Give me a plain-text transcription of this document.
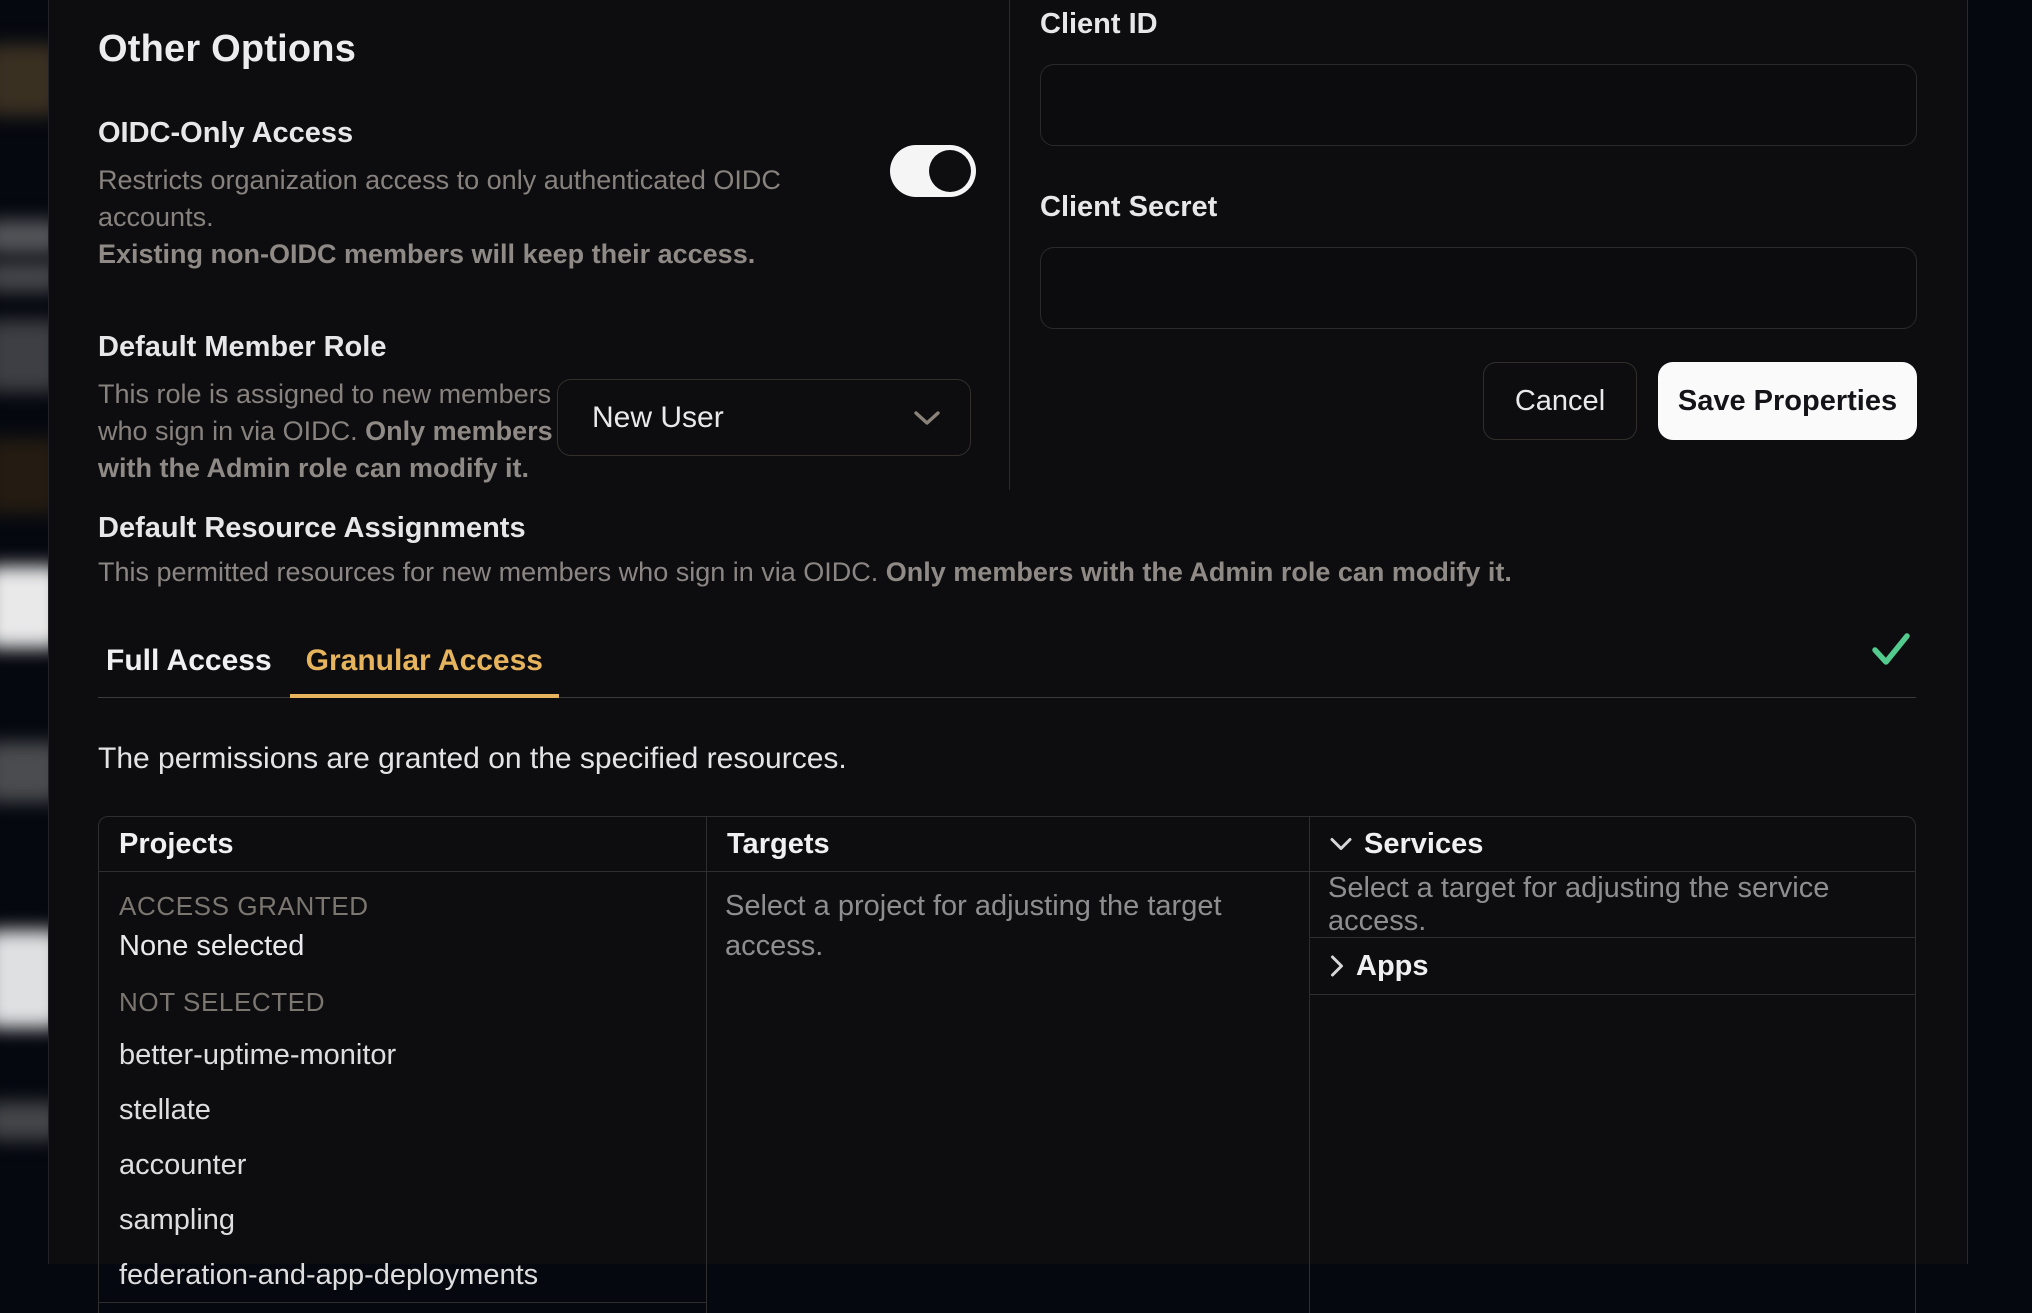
Other Options
OIDC-Only Access
Restricts organization access to only authenticated OIDC accounts.
Existing non-OIDC members will keep their access.
Default Member Role
This role is assigned to new members
who sign in via OIDC. Only members
with the Admin role can modify it.
New User
Client ID
Client Secret
Cancel	Save Properties
Default Resource Assignments
This permitted resources for new members who sign in via OIDC. Only members with the Admin role can modify it.
Full Access	Granular Access
The permissions are granted on the specified resources.
Projects
ACCESS GRANTED
None selected
NOT SELECTED
better-uptime-monitor
stellate
accounter
sampling
federation-and-app-deployments
Targets
Select a project for adjusting the target access.
Services
Select a target for adjusting the service access.
Apps
